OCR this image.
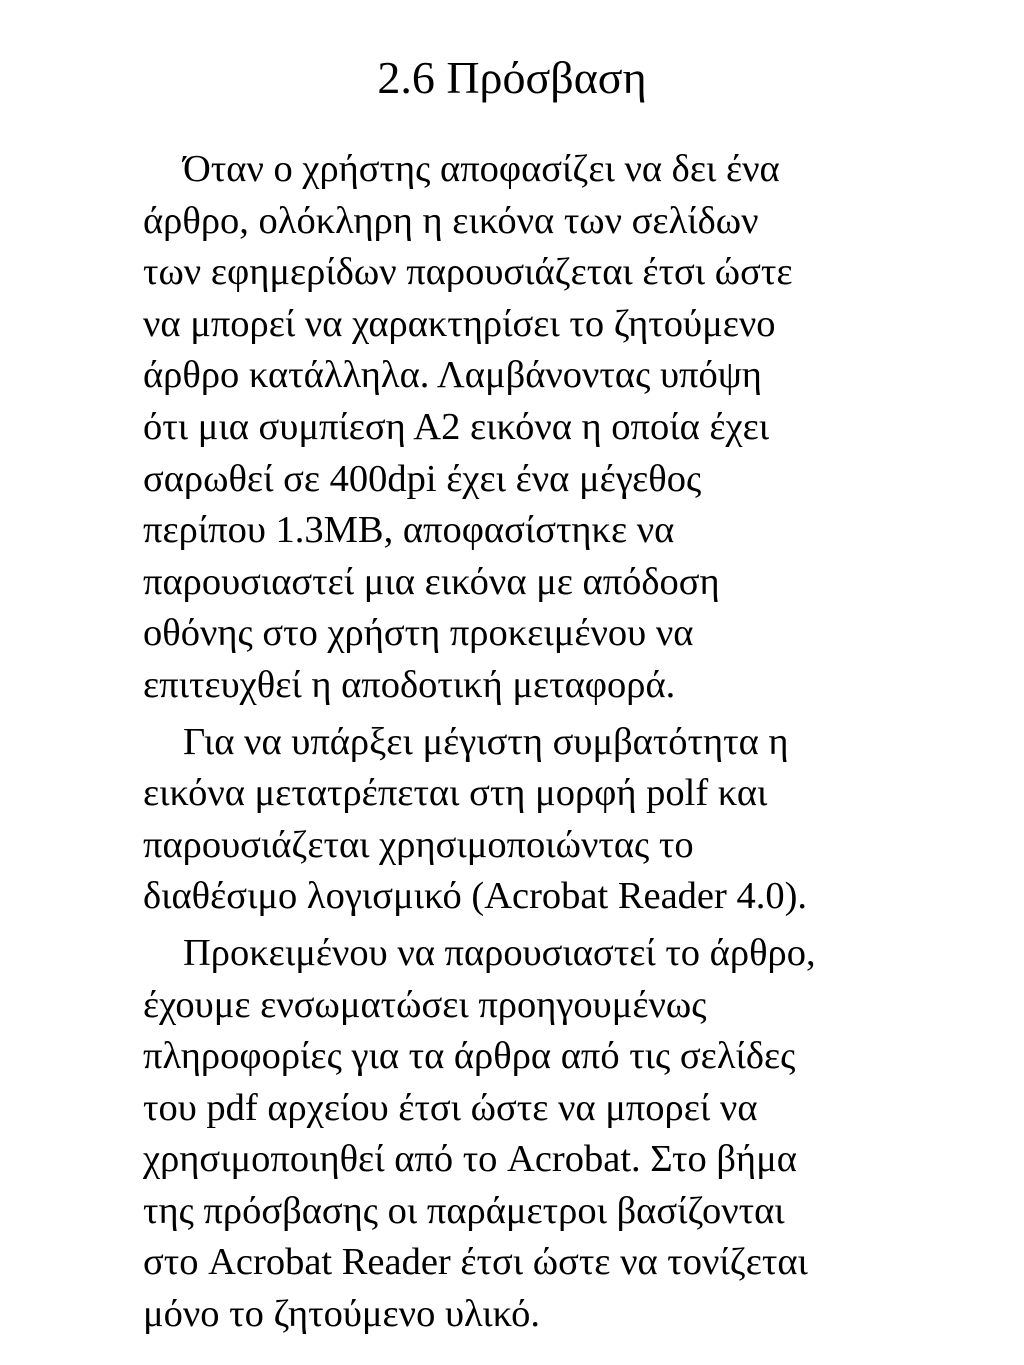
2.6 Πρόσβαση
Όταν ο χρήστης αποφασίζει να δει ένα
άρθρο, ολόκληρη η εικόνα των σελίδων
των εφημερίδων παρουσιάζεται έτσι ώστε
να μπορεί να χαρακτηρίσει το ζητούμενο
άρθρο κατάλληλα. Λαμβάνοντας υπόψη
ότι μια συμπίεση Α2 εικόνα η οποία έχει
σαρωθεί σε 400dpi έχει ένα μέγεθος
περίπου 1.3MB, αποφασίστηκε να
παρουσιαστεί μια εικόνα με απόδοση
οθόνης στο χρήστη προκειμένου να
επιτευχθεί η αποδοτική μεταφορά.
Για να υπάρξει μέγιστη συμβατότητα η
εικόνα μετατρέπεται στη μορφή polf και
παρουσιάζεται χρησιμοποιώντας το
διαθέσιμο λογισμικό (Acrobat Reader 4.0).
Προκειμένου να παρουσιαστεί το άρθρο,
έχουμε ενσωματώσει προηγουμένως
πληροφορίες για τα άρθρα από τις σελίδες
του pdf αρχείου έτσι ώστε να μπορεί να
χρησιμοποιηθεί από το Acrobat. Στο βήμα
της πρόσβασης οι παράμετροι βασίζονται
στο Acrobat Reader έτσι ώστε να τονίζεται
μόνο το ζητούμενο υλικό.
